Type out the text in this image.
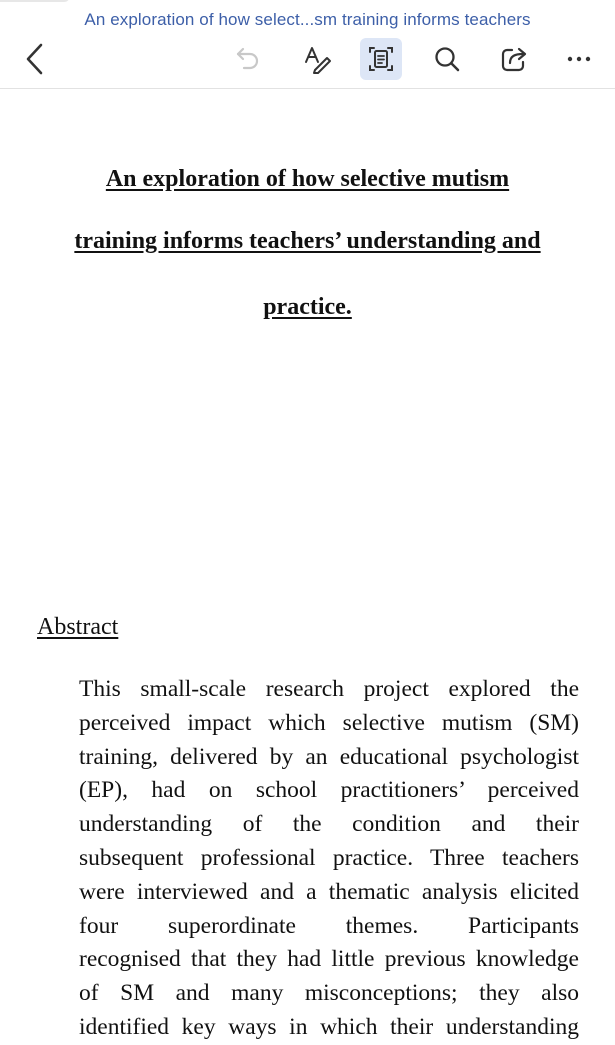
An exploration of how select...sm training informs teachers
An exploration of how selective mutism
training informs teachers’ understanding and
practice.
Abstract
This small-scale research project explored the
perceived impact which selective mutism (SM)
training, delivered by an educational psychologist
(EP), had on school practitioners’ perceived
understanding of the condition and their
subsequent professional practice. Three teachers
were interviewed and a thematic analysis elicited
four superordinate themes. Participants
recognised that they had little previous knowledge
of SM and many misconceptions; they also
identified key ways in which their understanding
